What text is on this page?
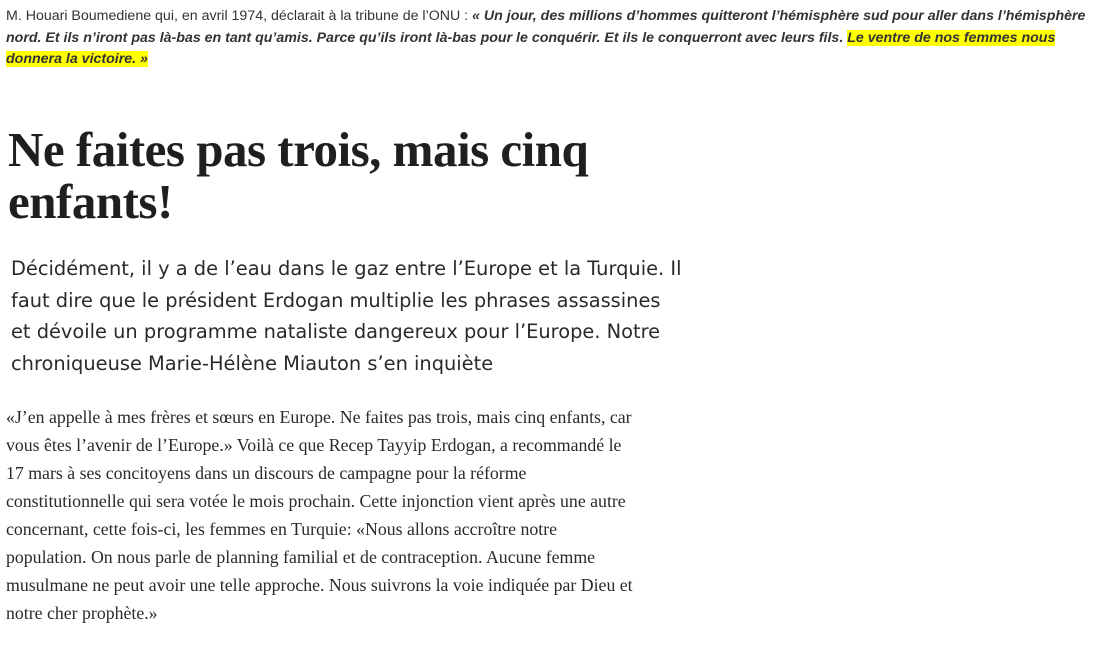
M. Houari Boumediene qui, en avril 1974, déclarait à la tribune de l’ONU : « Un jour, des millions d’hommes quitteront l’hémisphère sud pour aller dans l’hémisphère nord. Et ils n’iront pas là-bas en tant qu’amis. Parce qu’ils iront là-bas pour le conquérir. Et ils le conquerront avec leurs fils. Le ventre de nos femmes nous donnera la victoire. »
Ne faites pas trois, mais cinq enfants!

Décidément, il y a de l’eau dans le gaz entre l’Europe et la Turquie. Il faut dire que le président Erdogan multiplie les phrases assassines et dévoile un programme nataliste dangereux pour l’Europe. Notre chroniqueuse Marie-Hélène Miauton s’en inquiète

«J’en appelle à mes frères et sœurs en Europe. Ne faites pas trois, mais cinq enfants, car vous êtes l’avenir de l’Europe.» Voilà ce que Recep Tayyip Erdogan, a recommandé le 17 mars à ses concitoyens dans un discours de campagne pour la réforme constitutionnelle qui sera votée le mois prochain. Cette injonction vient après une autre concernant, cette fois-ci, les femmes en Turquie: «Nous allons accroître notre population. On nous parle de planning familial et de contraception. Aucune femme musulmane ne peut avoir une telle approche. Nous suivrons la voie indiquée par Dieu et notre cher prophète.»
